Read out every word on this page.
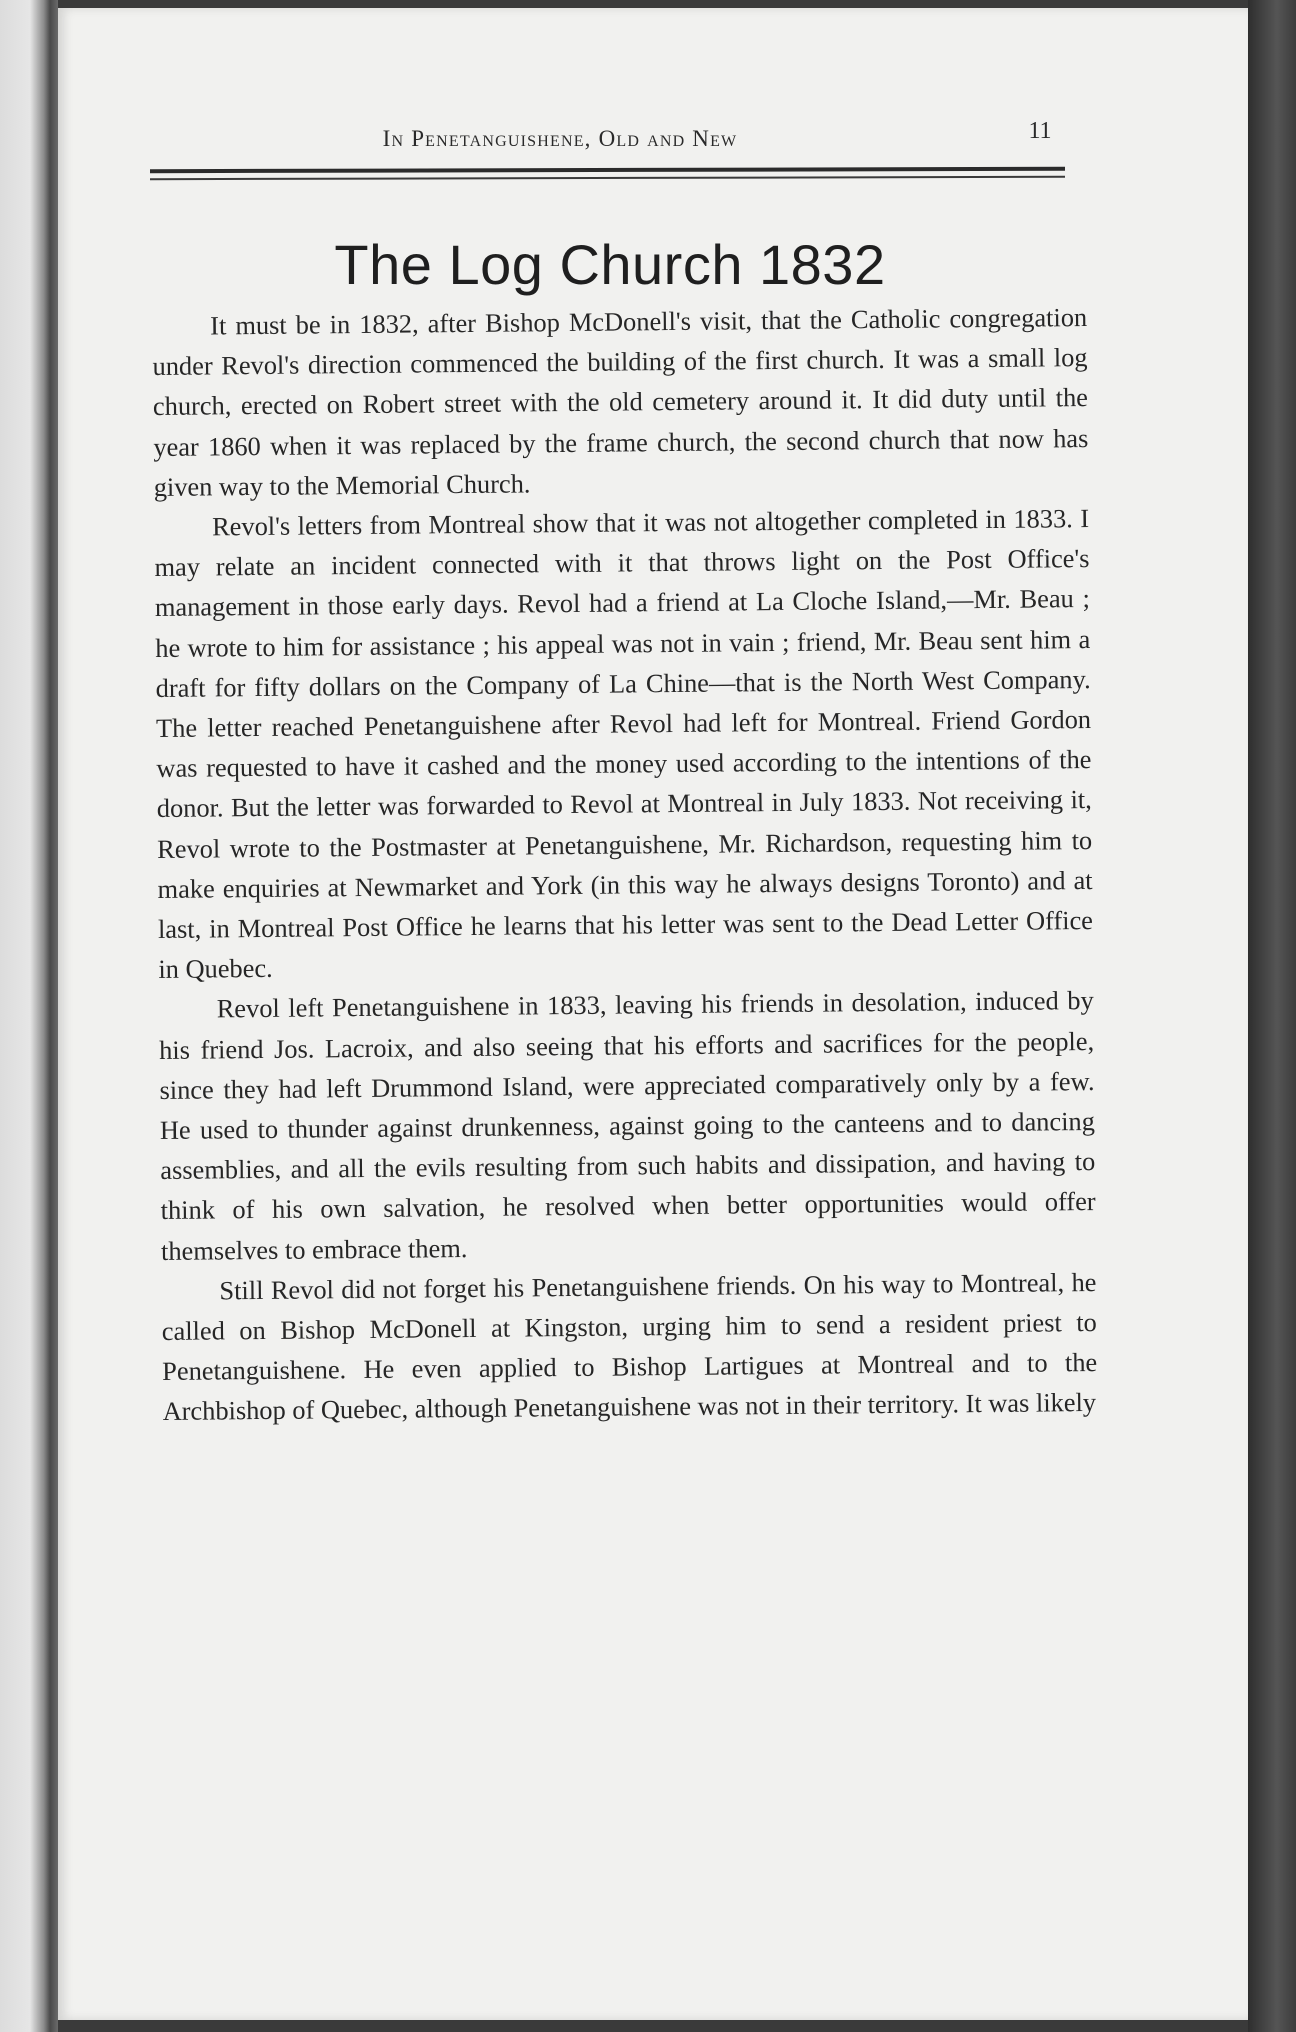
In Penetanguishene, Old and New	11
The Log Church 1832

It must be in 1832, after Bishop McDonell's visit, that the Catholic congregation under Revol's direction commenced the building of the first church. It was a small log church, erected on Robert street with the old cemetery around it. It did duty until the year 1860 when it was replaced by the frame church, the second church that now has given way to the Memorial Church.

Revol's letters from Montreal show that it was not altogether completed in 1833. I may relate an incident connected with it that throws light on the Post Office's management in those early days. Revol had a friend at La Cloche Island,—Mr. Beau ; he wrote to him for assistance ; his appeal was not in vain ; friend, Mr. Beau sent him a draft for fifty dollars on the Company of La Chine—that is the North West Company. The letter reached Penetanguishene after Revol had left for Montreal. Friend Gordon was requested to have it cashed and the money used according to the intentions of the donor. But the letter was forwarded to Revol at Montreal in July 1833. Not receiving it, Revol wrote to the Postmaster at Penetanguishene, Mr. Richardson, requesting him to make enquiries at Newmarket and York (in this way he always designs Toronto) and at last, in Montreal Post Office he learns that his letter was sent to the Dead Letter Office in Quebec.

Revol left Penetanguishene in 1833, leaving his friends in desolation, induced by his friend Jos. Lacroix, and also seeing that his efforts and sacrifices for the people, since they had left Drummond Island, were appreciated comparatively only by a few. He used to thunder against drunkenness, against going to the canteens and to dancing assemblies, and all the evils resulting from such habits and dissipation, and having to think of his own salvation, he resolved when better opportunities would offer themselves to embrace them.

Still Revol did not forget his Penetanguishene friends. On his way to Montreal, he called on Bishop McDonell at Kingston, urging him to send a resident priest to Penetanguishene. He even applied to Bishop Lartigues at Montreal and to the Archbishop of Quebec, although Penetanguishene was not in their territory. It was likely
